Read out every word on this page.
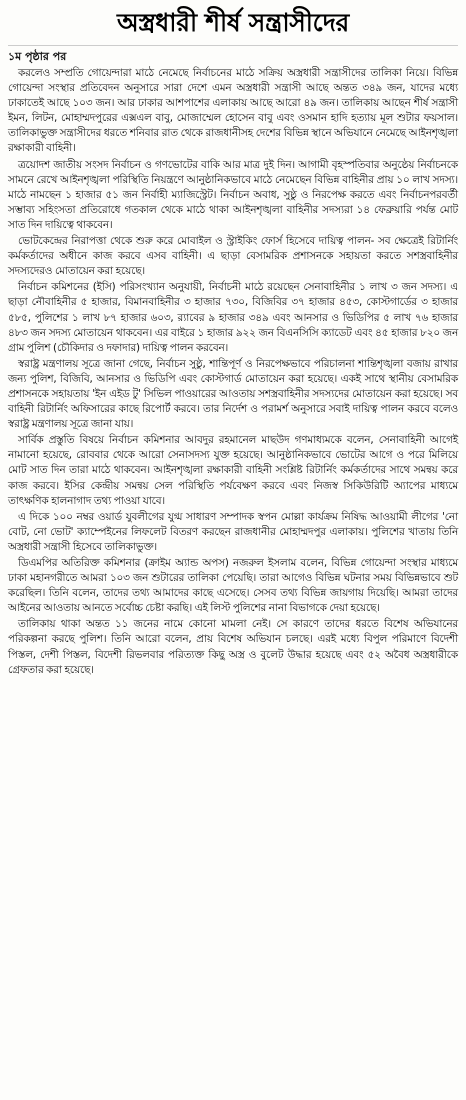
অস্ত্রধারী শীর্ষ সন্ত্রাসীদের
১ম পৃষ্ঠার পর

করলেও সম্প্রতি গোয়েন্দারা মাঠে নেমেছে নির্বাচনের মাঠে সক্রিয় অস্ত্রধারী সন্ত্রাসীদের তালিকা নিয়ে। বিভিন্ন গোয়েন্দা সংস্থার প্রতিবেদন অনুসারে সারা দেশে এমন অস্ত্রধারী সন্ত্রাসী আছে অন্তত ৩৪৯ জন, যাদের মধ্যে ঢাকাতেই আছে ১০৩ জন। আর ঢাকার আশপাশের এলাকায় আছে আরো ৪৯ জন। তালিকায় আছেন শীর্ষ সন্ত্রাসী ইমন, লিটন, মোহাম্মদপুরের এক্সএল বাবু, মোজাম্মেল হোসেন বাবু এবং ওসমান হাদি হত্যায় মূল শুটার ফয়সাল। তালিকাভুক্ত সন্ত্রাসীদের ধরতে শনিবার রাত থেকে রাজধানীসহ দেশের বিভিন্ন স্থানে অভিযানে নেমেছে আইনশৃঙ্খলা রক্ষাকারী বাহিনী।

ত্রয়োদশ জাতীয় সংসদ নির্বাচন ও গণভোটের বাকি আর মাত্র দুই দিন। আগামী বৃহস্পতিবার অনুষ্ঠেয় নির্বাচনকে সামনে রেখে আইনশৃঙ্খলা পরিস্থিতি নিয়ন্ত্রণে আনুষ্ঠানিকভাবে মাঠে নেমেছেন বিভিন্ন বাহিনীর প্রায় ১০ লাখ সদস্য। মাঠে নামছেন ১ হাজার ৫১ জন নির্বাহী ম্যাজিস্ট্রেট। নির্বাচন অবাধ, সুষ্ঠু ও নিরপেক্ষ করতে এবং নির্বাচনপরবর্তী সম্ভাব্য সহিংসতা প্রতিরোধে গতকাল থেকে মাঠে থাকা আইনশৃঙ্খলা বাহিনীর সদস্যরা ১৪ ফেব্রুয়ারি পর্যন্ত মোট সাত দিন দায়িত্বে থাকবেন।

ভোটকেন্দ্রের নিরাপত্তা থেকে শুরু করে মোবাইল ও স্ট্রাইকিং ফোর্স হিসেবে দায়িত্ব পালন- সব ক্ষেত্রেই রিটার্নিং কর্মকর্তাদের অধীনে কাজ করবে এসব বাহিনী। এ ছাড়া বেসামরিক প্রশাসনকে সহায়তা করতে সশস্ত্রবাহিনীর সদস্যদেরও মোতায়েন করা হয়েছে।

নির্বাচন কমিশনের (ইসি) পরিসংখ্যান অনুযায়ী, নির্বাচনী মাঠে রয়েছেন সেনাবাহিনীর ১ লাখ ৩ জন সদস্য। এ ছাড়া নৌবাহিনীর ৫ হাজার, বিমানবাহিনীর ৩ হাজার ৭৩০, বিজিবির ৩৭ হাজার ৪৫৩, কোস্টগার্ডের ৩ হাজার ৫৮৫, পুলিশের ১ লাখ ৮৭ হাজার ৬০৩, র‍্যাবের ৯ হাজার ৩৪৯ এবং আনসার ও ভিডিপির ৫ লাখ ৭৬ হাজার ৪৮৩ জন সদস্য মোতায়েন থাকবেন। এর বাইরে ১ হাজার ৯২২ জন বিএনসিসি ক্যাডেট এবং ৪৫ হাজার ৮২০ জন গ্রাম পুলিশ (চৌকিদার ও দফাদার) দায়িত্ব পালন করবেন।

স্বরাষ্ট্র মন্ত্রণালয় সূত্রে জানা গেছে, নির্বাচন সুষ্ঠু, শান্তিপূর্ণ ও নিরপেক্ষভাবে পরিচালনা শান্তিশৃঙ্খলা বজায় রাখার জন্য পুলিশ, বিজিবি, আনসার ও ভিডিপি এবং কোস্টগার্ড মোতায়েন করা হয়েছে। একই সাথে স্থানীয় বেসামরিক প্রশাসনকে সহায়তায় 'ইন এইড টু' সিভিল পাওয়ারের আওতায় সশস্ত্রবাহিনীর সদস্যদের মোতায়েন করা হয়েছে। সব বাহিনী রিটার্নিং অফিসারের কাছে রিপোর্ট করবে। তার নির্দেশ ও পরামর্শ অনুসারে সবাই দায়িত্ব পালন করবে বলেও স্বরাষ্ট্র মন্ত্রণালয় সূত্রে জানা যায়।

সার্বিক প্রস্তুতি বিষয়ে নির্বাচন কমিশনার আবদুর রহমানেল মাছউদ গণমাধ্যমকে বলেন, সেনাবাহিনী আগেই নামানো হয়েছে, রোববার থেকে আরো সেনাসদস্য যুক্ত হয়েছে। আনুষ্ঠানিকভাবে ভোটের আগে ও পরে মিলিয়ে মোট সাত দিন তারা মাঠে থাকবেন। আইনশৃঙ্খলা রক্ষাকারী বাহিনী সংশ্লিষ্ট রিটার্নিং কর্মকর্তাদের সাথে সমন্বয় করে কাজ করবে। ইসির কেন্দ্রীয় সমন্বয় সেল পরিস্থিতি পর্যবেক্ষণ করবে এবং নিজস্ব সিকিউরিটি অ্যাপের মাধ্যমে তাৎক্ষণিক হালনাগাদ তথ্য পাওয়া যাবে।

এ দিকে ১০০ নম্বর ওয়ার্ড যুবলীগের যুগ্ম সাধারণ সম্পাদক স্বপন মোল্লা কার্যক্রম নিষিদ্ধ আওয়ামী লীগের 'নো বোট, নো ভোট' ক্যাম্পেইনের লিফলেট বিতরণ করছেন রাজধানীর মোহাম্মদপুর এলাকায়। পুলিশের খাতায় তিনি অস্ত্রধারী সন্ত্রাসী হিসেবে তালিকাভুক্ত।

ডিএমপির অতিরিক্ত কমিশনার (ক্রাইম অ্যান্ড অপস) নজরুল ইসলাম বলেন, বিভিন্ন গোয়েন্দা সংস্থার মাধ্যমে ঢাকা মহানগরীতে আমরা ১০৩ জন শুটারের তালিকা পেয়েছি। তারা আগেও বিভিন্ন ঘটনার সময় বিভিন্নভাবে শুট করেছিল। তিনি বলেন, তাদের তথ্য আমাদের কাছে এসেছে। সেসব তথ্য বিভিন্ন জায়গায় দিয়েছি। আমরা তাদের আইনের আওতায় আনতে সর্বোচ্চ চেষ্টা করছি। এই লিস্ট পুলিশের নানা বিভাগকে দেয়া হয়েছে।

তালিকায় থাকা অন্তত ১১ জনের নামে কোনো মামলা নেই। সে কারণে তাদের ধরতে বিশেষ অভিযানের পরিকল্পনা করছে পুলিশ। তিনি আরো বলেন, প্রায় বিশেষ অভিযান চলছে। এরই মধ্যে বিপুল পরিমাণে বিদেশী পিস্তল, দেশী পিস্তল, বিদেশী রিভলবার পরিত্যক্ত কিছু অস্ত্র ও বুলেট উদ্ধার হয়েছে এবং ৫২ অবৈধ অস্ত্রধারীকে গ্রেফতার করা হয়েছে।
